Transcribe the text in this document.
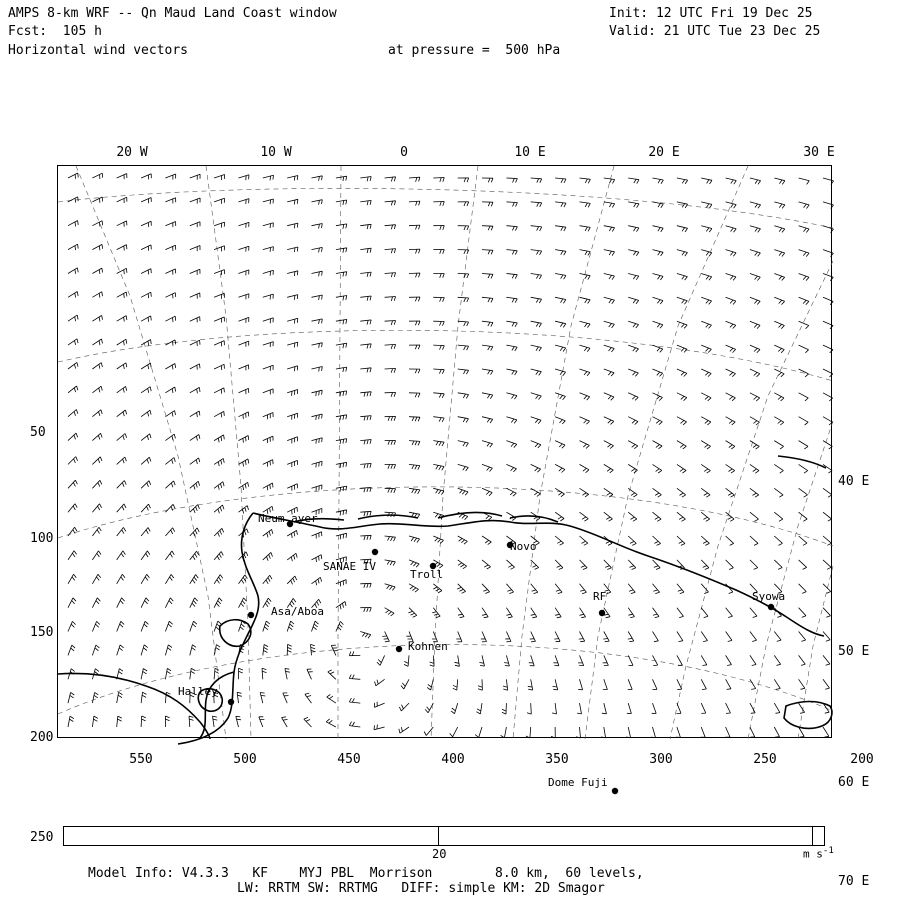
AMPS 8-km WRF -- Qn Maud Land Coast window
Fcst:  105 h
Horizontal wind vectors	at pressure =  500 hPa
Init: 12 UTC Fri 19 Dec 25
Valid: 21 UTC Tue 23 Dec 25
20 W	10 W	0	10 E	20 E	30 E
550	500	450	400	350	300	250	200
50
100
150
200
250
40 E
50 E
60 E
70 E
Neum ayer
SANAE IV
Troll
Novo
RF	Syowa
Kohnen
Halley
Dome Fuji
Asa/Aboa
20	m $s^{-1}$
Model Info: V4.3.3   KF    MYJ PBL  Morrison        8.0 km,  60 levels,
LW: RRTM SW: RRTMG   DIFF: simple KM: 2D Smagor
